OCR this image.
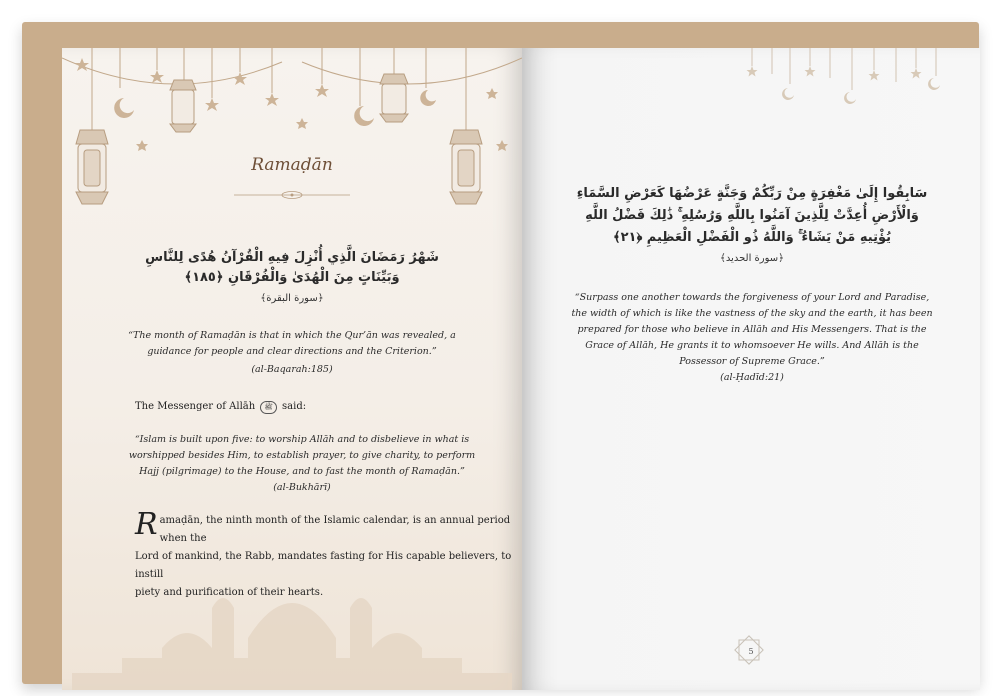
Ramaḍān
شَهْرُ رَمَضَانَ الَّذِي أُنْزِلَ فِيهِ الْقُرْآنُ هُدًى لِلنَّاسِ
وَبَيِّنَاتٍ مِنَ الْهُدَىٰ وَالْفُرْقَانِ ﴿١٨٥﴾
﴿سورة البقرة﴾
“The month of Ramaḍān is that in which the Qur’ān was revealed, a
guidance for people and clear directions and the Criterion.”
(al-Baqarah:185)
The Messenger of Allāh ﷺ said:
“Islam is built upon five: to worship Allāh and to disbelieve in what is
worshipped besides Him, to establish prayer, to give charity, to perform
Hajj (pilgrimage) to the House, and to fast the month of Ramaḍān.”
(al-Bukhārī)
Ramaḍān, the ninth month of the Islamic calendar, is an annual period when the
Lord of mankind, the Rabb, mandates fasting for His capable believers, to instill
piety and purification of their hearts.
سَابِقُوا إِلَىٰ مَغْفِرَةٍ مِنْ رَبِّكُمْ وَجَنَّةٍ عَرْضُهَا كَعَرْضِ السَّمَاءِ
وَالْأَرْضِ أُعِدَّتْ لِلَّذِينَ آمَنُوا بِاللَّهِ وَرُسُلِهِ ۚ ذَٰلِكَ فَضْلُ اللَّهِ
يُؤْتِيهِ مَنْ يَشَاءُ ۚ وَاللَّهُ ذُو الْفَضْلِ الْعَظِيمِ ﴿٢١﴾
﴿سورة الحديد﴾
“Surpass one another towards the forgiveness of your Lord and Paradise,
the width of which is like the vastness of the sky and the earth, it has been
prepared for those who believe in Allāh and His Messengers. That is the
Grace of Allāh, He grants it to whomsoever He wills. And Allāh is the
Possessor of Supreme Grace.”
(al-Ḥadīd:21)
5
